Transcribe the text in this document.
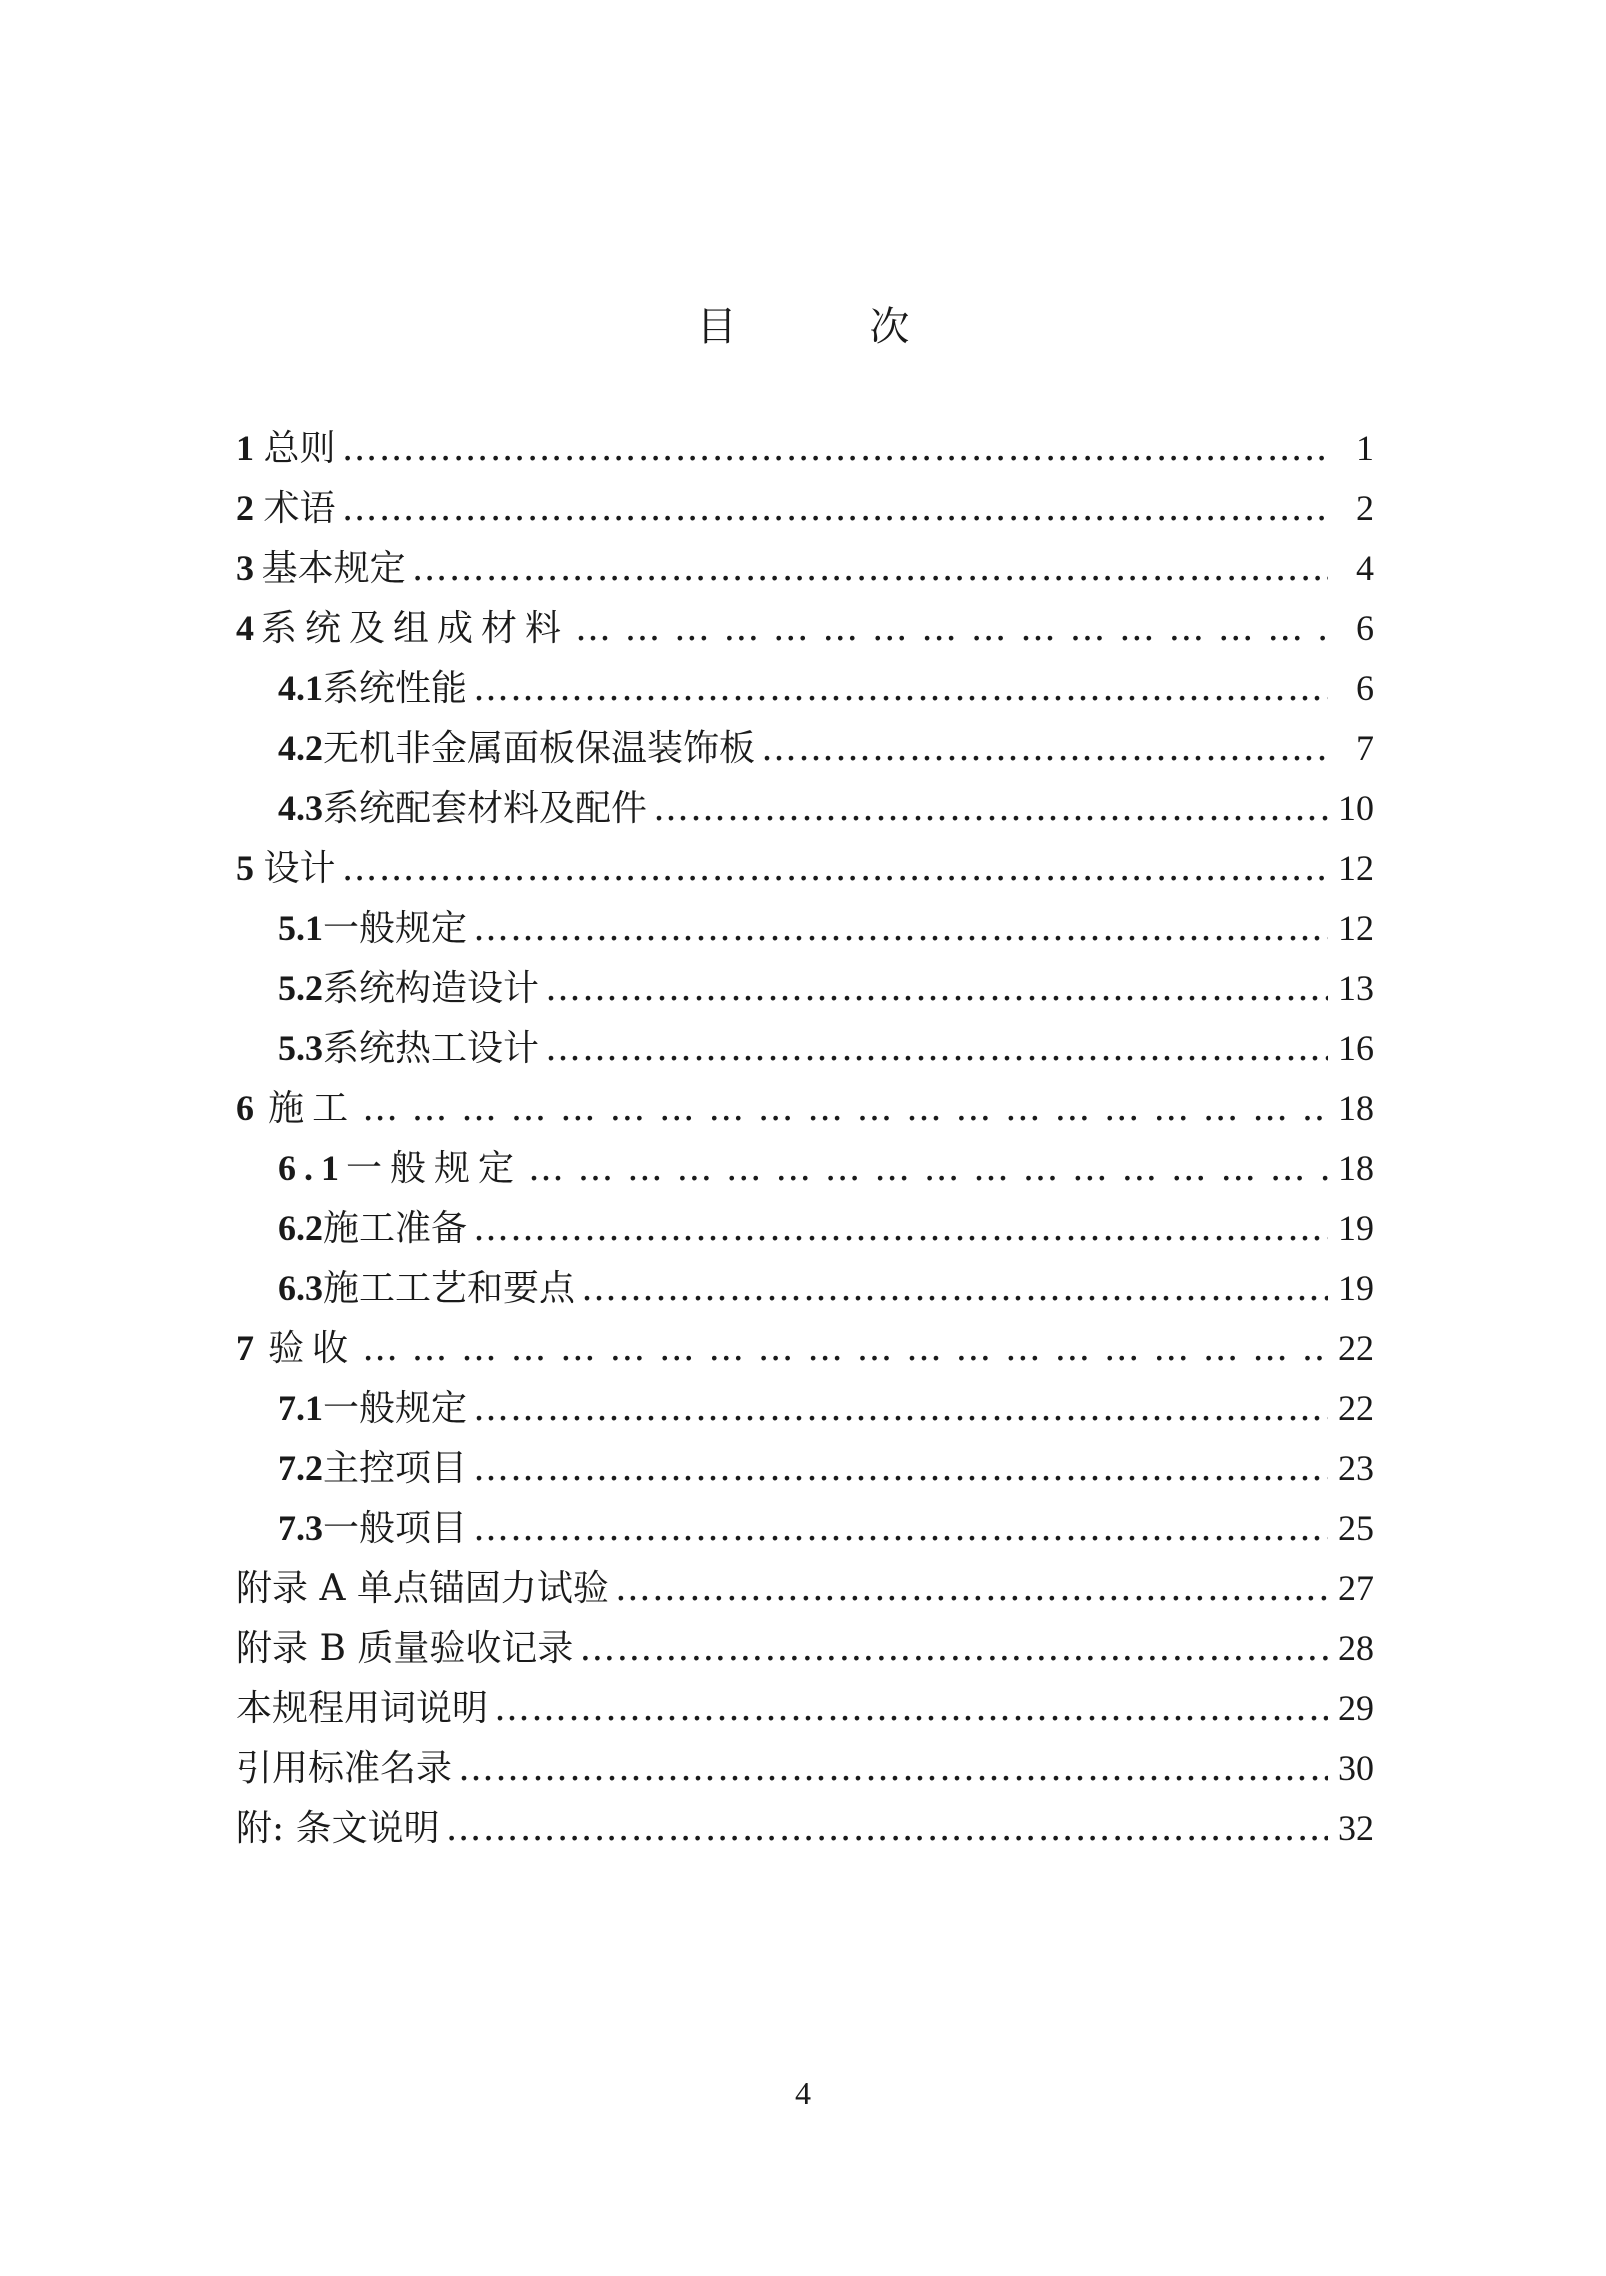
目 次
1 总则 ………………………………………………………………………………………………………………………………………………………………	1
2 术语 ………………………………………………………………………………………………………………………………………………………………	2
3 基本规定 ………………………………………………………………………………………………………………………………………………………………	4
4 系统及组成材料 … … … … … … … … … … … … … … … … … … … … … … … … … … … … … … … … … … … … … …	6
4.1 系统性能 ………………………………………………………………………………………………………………………………………………………………	6
4.2 无机非金属面板保温装饰板 ………………………………………………………………………………………………………………………………………………………………	7
4.3 系统配套材料及配件 ………………………………………………………………………………………………………………………………………………………………	10
5 设计 ………………………………………………………………………………………………………………………………………………………………	12
5.1 一般规定 ………………………………………………………………………………………………………………………………………………………………	12
5.2 系统构造设计 ………………………………………………………………………………………………………………………………………………………………	13
5.3 系统热工设计 ………………………………………………………………………………………………………………………………………………………………	16
6 施工 … … … … … … … … … … … … … … … … … … … … … … … … … … … … … … … … … … … … … …	18
6.1 一般规定 … … … … … … … … … … … … … … … … … … … … … … … … … … … … … … … … … … … … … …	18
6.2 施工准备 ………………………………………………………………………………………………………………………………………………………………	19
6.3 施工工艺和要点 ………………………………………………………………………………………………………………………………………………………………	19
7 验收 … … … … … … … … … … … … … … … … … … … … … … … … … … … … … … … … … … … … … …	22
7.1 一般规定 ………………………………………………………………………………………………………………………………………………………………	22
7.2 主控项目 ………………………………………………………………………………………………………………………………………………………………	23
7.3 一般项目 ………………………………………………………………………………………………………………………………………………………………	25
附录 A 单点锚固力试验 ………………………………………………………………………………………………………………………………………………………………	27
附录 B 质量验收记录 ………………………………………………………………………………………………………………………………………………………………	28
本规程用词说明 ………………………………………………………………………………………………………………………………………………………………	29
引用标准名录 ………………………………………………………………………………………………………………………………………………………………	30
附: 条文说明 ………………………………………………………………………………………………………………………………………………………………	32
4
